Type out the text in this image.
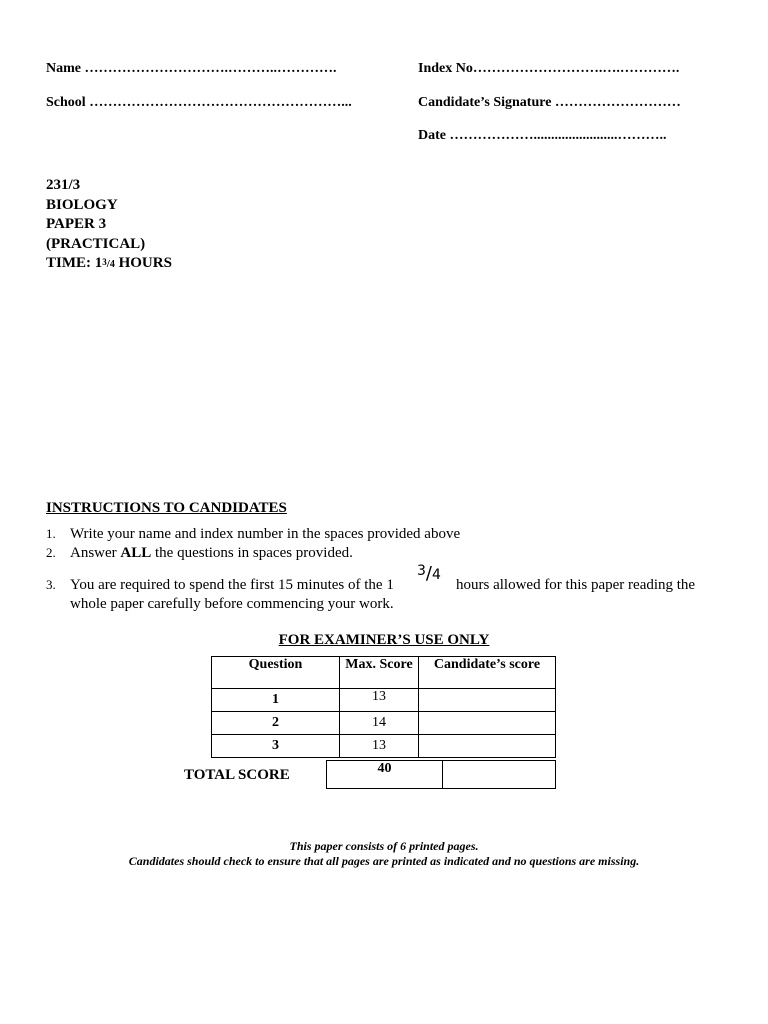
Name ………………………….………..………….	Index No……………………….….………….
School ………………………………………………...	Candidate’s Signature ………………………
Date ………………........................………..
231/3
BIOLOGY
PAPER 3
(PRACTICAL)
TIME: $1^3/4$ HOURS
INSTRUCTIONS TO CANDIDATES
1. Write your name and index number in the spaces provided above
2. Answer ALL the questions in spaces provided.
3. You are required to spend the first 15 minutes of the 1
3/4
hours allowed for this paper reading the
whole paper carefully before commencing your work.
FOR EXAMINER’S USE ONLY
Question	Max. Score	Candidate’s score
1	13	
2	14	
3	13	
TOTAL SCORE	40
This paper consists of 6 printed pages.
Candidates should check to ensure that all pages are printed as indicated and no questions are missing.
